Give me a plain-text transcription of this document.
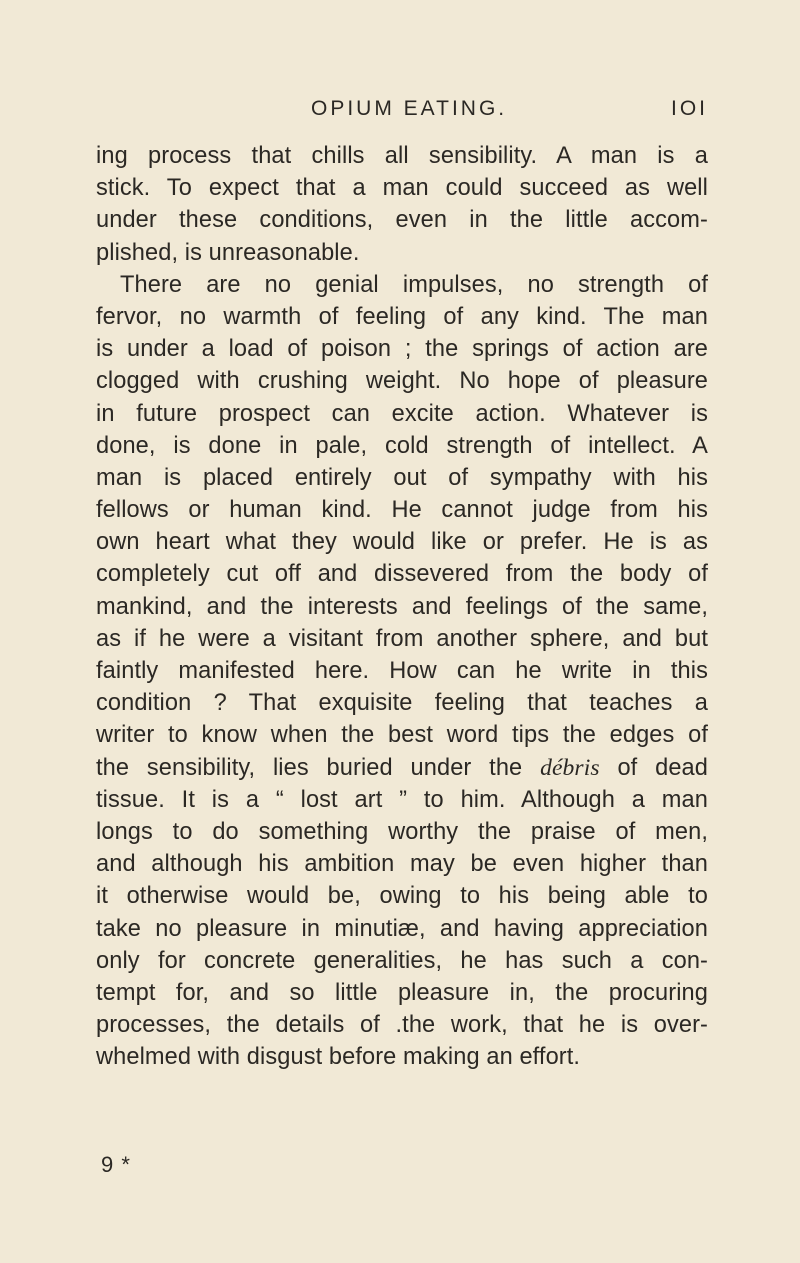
OPIUM EATING.	IOI
ing process that chills all sensibility. A man is a
stick. To expect that a man could succeed as well
under these conditions, even in the little accom-
plished, is unreasonable.
There are no genial impulses, no strength of
fervor, no warmth of feeling of any kind. The man
is under a load of poison ; the springs of action are
clogged with crushing weight. No hope of pleasure
in future prospect can excite action. Whatever is
done, is done in pale, cold strength of intellect. A
man is placed entirely out of sympathy with his
fellows or human kind. He cannot judge from his
own heart what they would like or prefer. He is as
completely cut off and dissevered from the body of
mankind, and the interests and feelings of the same,
as if he were a visitant from another sphere, and but
faintly manifested here. How can he write in this
condition ? That exquisite feeling that teaches a
writer to know when the best word tips the edges of
the sensibility, lies buried under the débris of dead
tissue. It is a “ lost art ” to him. Although a man
longs to do something worthy the praise of men,
and although his ambition may be even higher than
it otherwise would be, owing to his being able to
take no pleasure in minutiæ, and having appreciation
only for concrete generalities, he has such a con-
tempt for, and so little pleasure in, the procuring
processes, the details of .the work, that he is over-
whelmed with disgust before making an effort.
9 *
